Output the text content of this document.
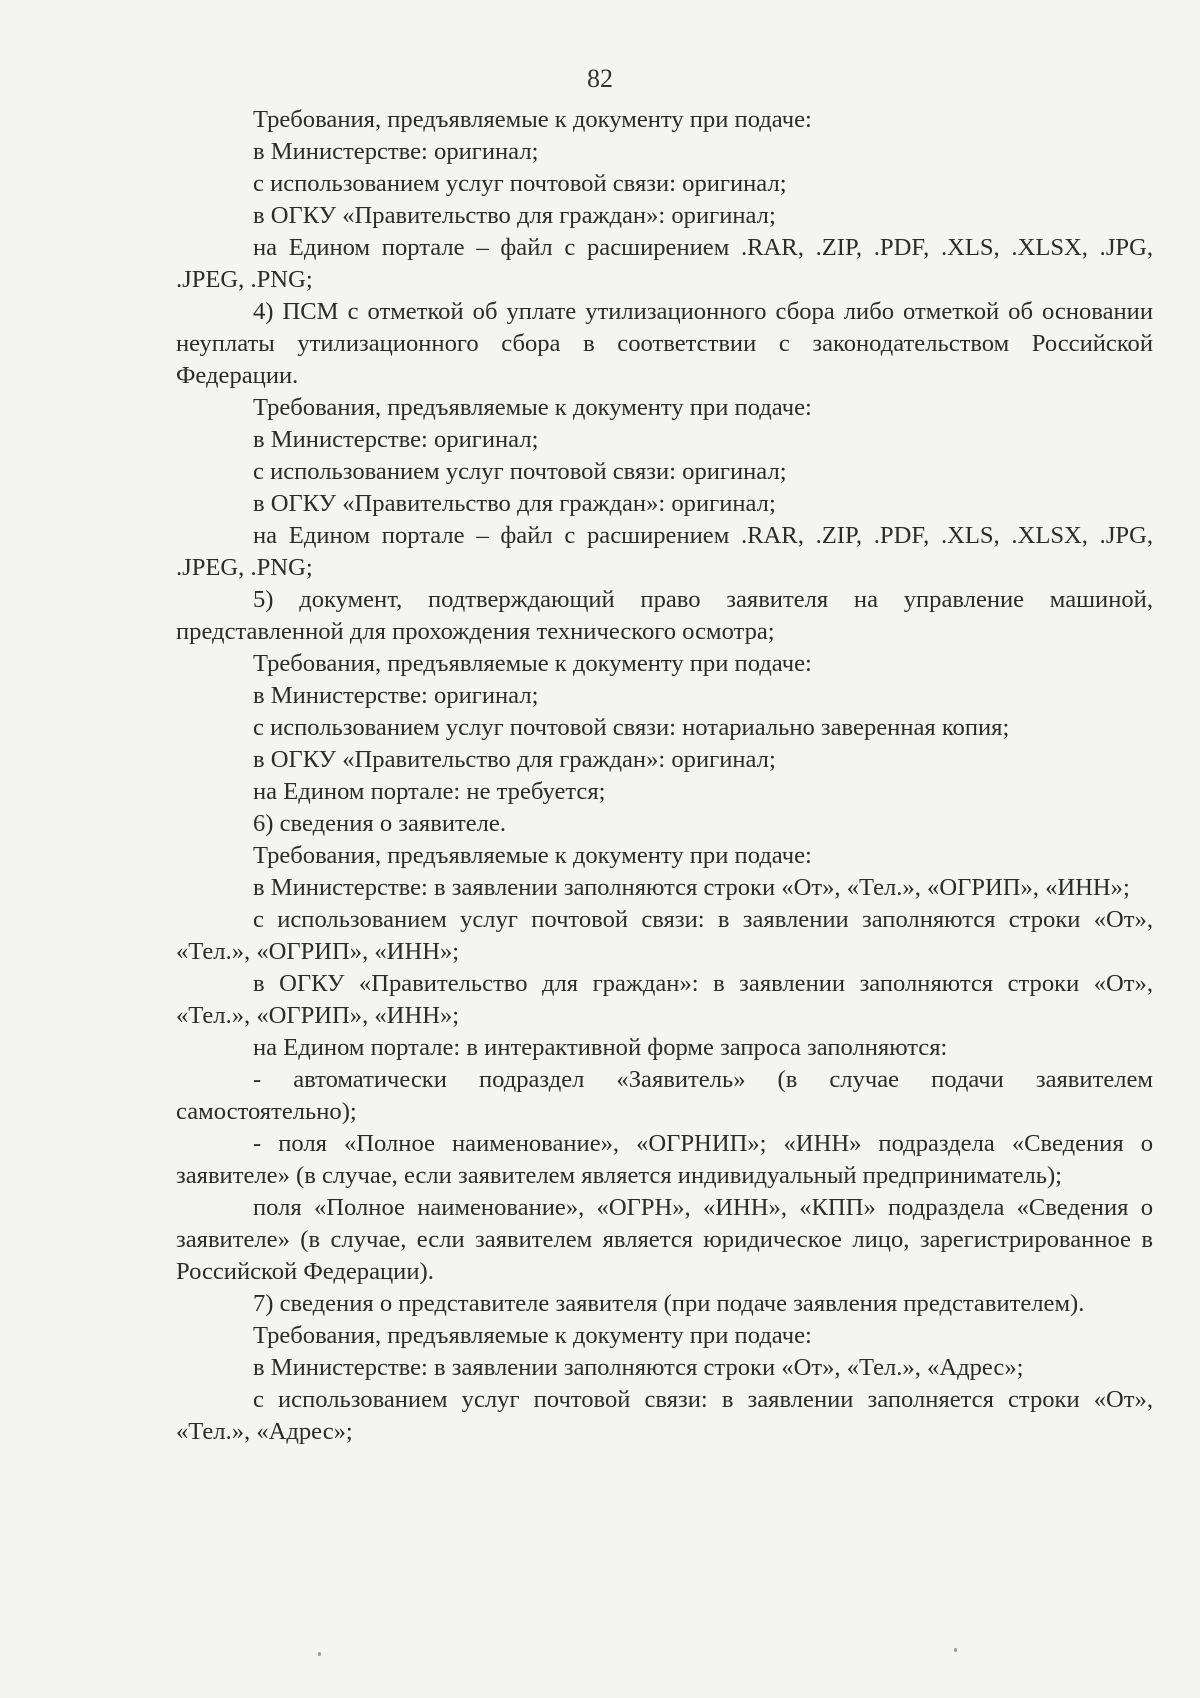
82

Требования, предъявляемые к документу при подаче:

в Министерстве: оригинал;

с использованием услуг почтовой связи: оригинал;

в ОГКУ «Правительство для граждан»: оригинал;

на Едином портале – файл с расширением .RAR, .ZIP, .PDF, .XLS, .XLSX, .JPG, .JPEG, .PNG;

4) ПСМ с отметкой об уплате утилизационного сбора либо отметкой об основании неуплаты утилизационного сбора в соответствии с законодательством Российской Федерации.

Требования, предъявляемые к документу при подаче:

в Министерстве: оригинал;

с использованием услуг почтовой связи: оригинал;

в ОГКУ «Правительство для граждан»: оригинал;

на Едином портале – файл с расширением .RAR, .ZIP, .PDF, .XLS, .XLSX, .JPG, .JPEG, .PNG;

5) документ, подтверждающий право заявителя на управление машиной, представленной для прохождения технического осмотра;

Требования, предъявляемые к документу при подаче:

в Министерстве: оригинал;

с использованием услуг почтовой связи: нотариально заверенная копия;

в ОГКУ «Правительство для граждан»: оригинал;

на Едином портале: не требуется;

6) сведения о заявителе.

Требования, предъявляемые к документу при подаче:

в Министерстве: в заявлении заполняются строки «От», «Тел.», «ОГРИП», «ИНН»;

с использованием услуг почтовой связи: в заявлении заполняются строки «От», «Тел.», «ОГРИП», «ИНН»;

в ОГКУ «Правительство для граждан»: в заявлении заполняются строки «От», «Тел.», «ОГРИП», «ИНН»;

на Едином портале: в интерактивной форме запроса заполняются:

- автоматически подраздел «Заявитель» (в случае подачи заявителем самостоятельно);

- поля «Полное наименование», «ОГРНИП»; «ИНН» подраздела «Сведения о заявителе» (в случае, если заявителем является индивидуальный предприниматель);

поля «Полное наименование», «ОГРН», «ИНН», «КПП» подраздела «Сведения о заявителе» (в случае, если заявителем является юридическое лицо, зарегистрированное в Российской Федерации).

7) сведения о представителе заявителя (при подаче заявления представителем).

Требования, предъявляемые к документу при подаче:

в Министерстве: в заявлении заполняются строки «От», «Тел.», «Адрес»;

с использованием услуг почтовой связи: в заявлении заполняется строки «От», «Тел.», «Адрес»;
